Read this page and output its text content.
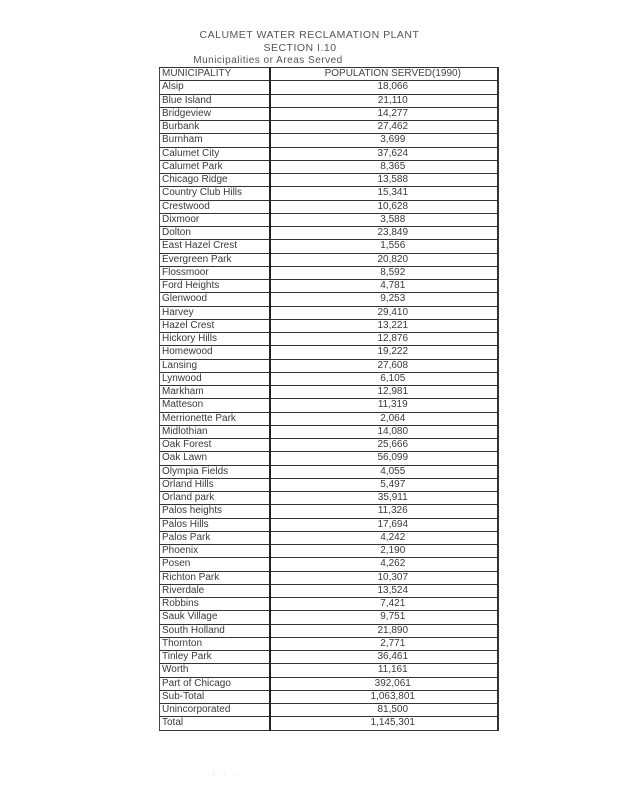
CALUMET WATER RECLAMATION PLANT
SECTION I.10
Municipalities or Areas Served
MUNICIPALITY	POPULATION SERVED(1990)
Alsip	18,066
Blue Island	21,110
Bridgeview	14,277
Burbank	27,462
Burnham	3,699
Calumet City	37,624
Calumet Park	8,365
Chicago Ridge	13,588
Country Club Hills	15,341
Crestwood	10,628
Dixmoor	3,588
Dolton	23,849
East Hazel Crest	1,556
Evergreen Park	20,820
Flossmoor	8,592
Ford Heights	4,781
Glenwood	9,253
Harvey	29,410
Hazel Crest	13,221
Hickory Hills	12,876
Homewood	19,222
Lansing	27,608
Lynwood	6,105
Markham	12,981
Matteson	11,319
Merrionette Park	2,064
Midlothian	14,080
Oak Forest	25,666
Oak Lawn	56,099
Olympia Fields	4,055
Orland Hills	5,497
Orland park	35,911
Palos heights	11,326
Palos Hills	17,694
Palos Park	4,242
Phoenix	2,190
Posen	4,262
Richton Park	10,307
Riverdale	13,524
Robbins	7,421
Sauk Village	9,751
South Holland	21,890
Thornton	2,771
Tinley Park	36,461
Worth	11,161
Part of Chicago	392,061
Sub-Total	1,063,801
Unincorporated	81,500
Total	1,145,301
· · ·
